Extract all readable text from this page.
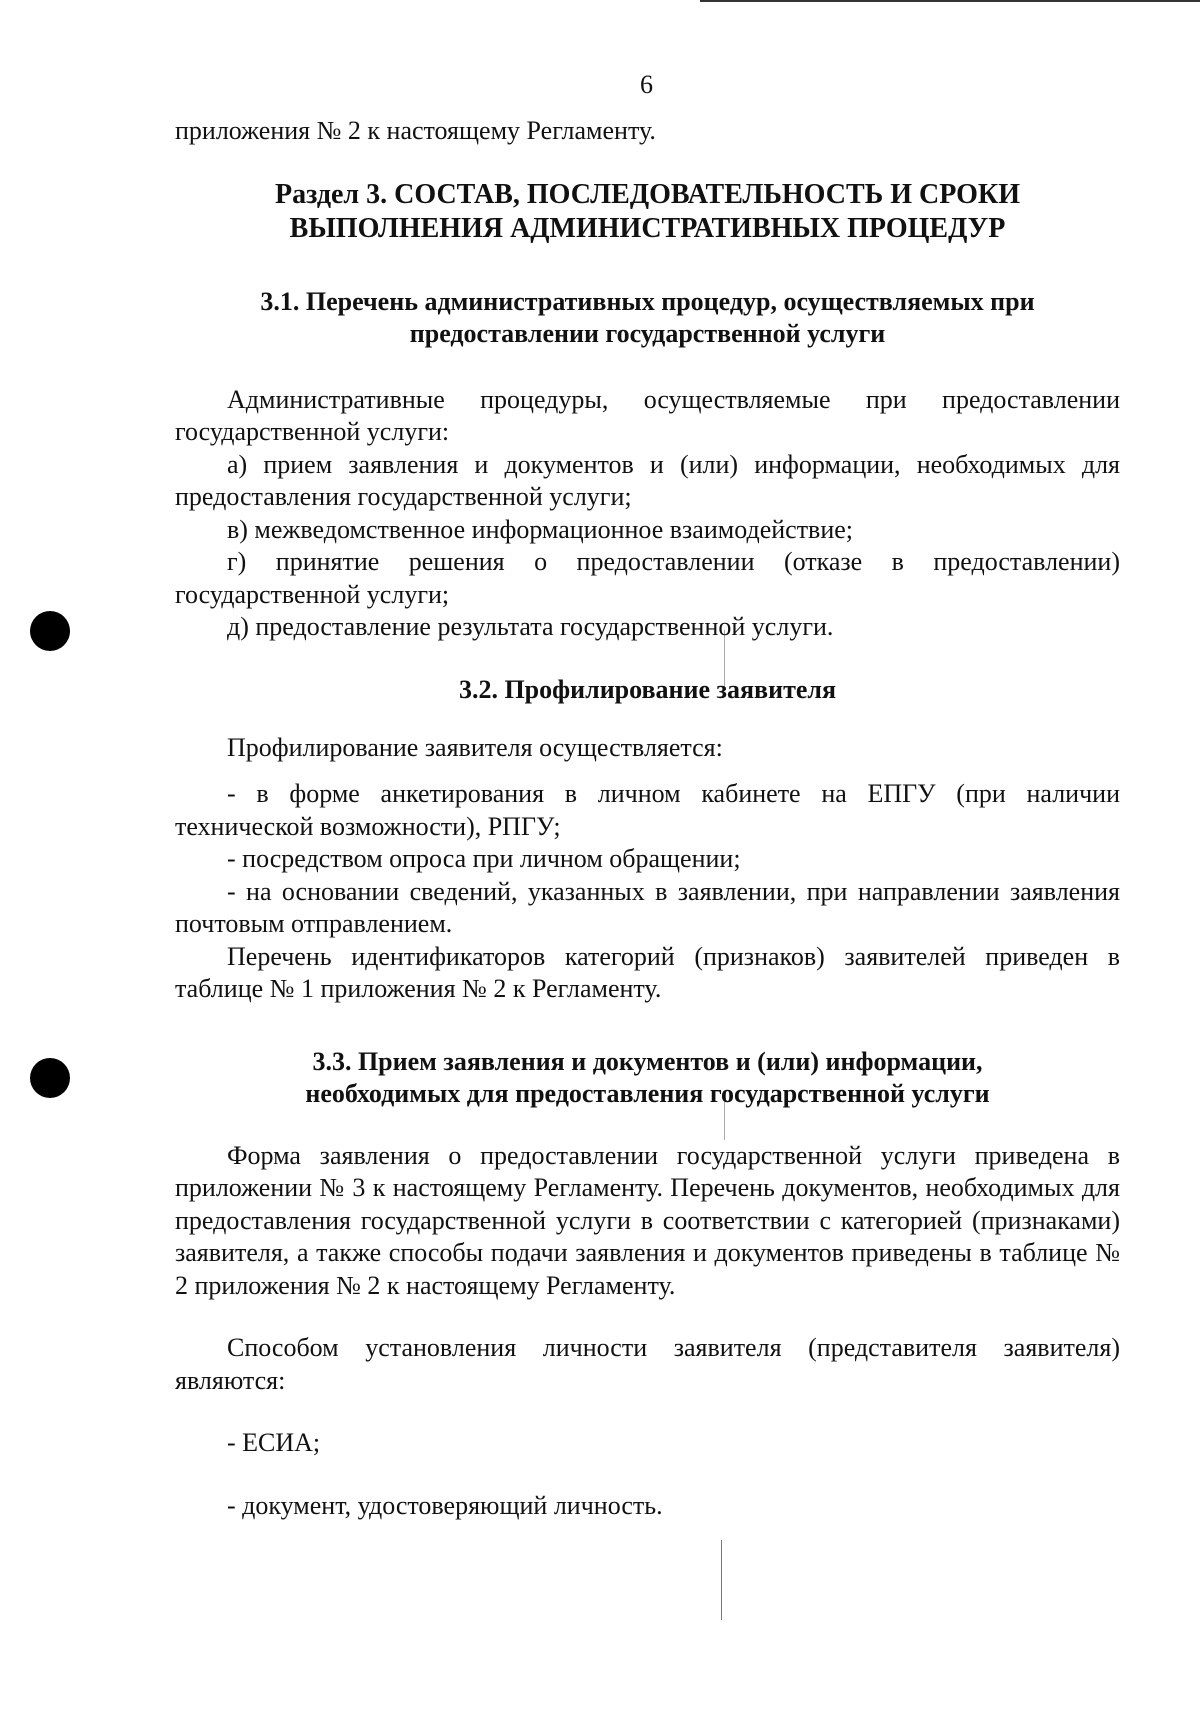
6

приложения № 2 к настоящему Регламенту.

Раздел 3. СОСТАВ, ПОСЛЕДОВАТЕЛЬНОСТЬ И СРОКИ
ВЫПОЛНЕНИЯ АДМИНИСТРАТИВНЫХ ПРОЦЕДУР
3.1. Перечень административных процедур, осуществляемых при
предоставлении государственной услуги

Административные процедуры, осуществляемые при предоставлении государственной услуги:

а) прием заявления и документов и (или) информации, необходимых для предоставления государственной услуги;

в) межведомственное информационное взаимодействие;

г) принятие решения о предоставлении (отказе в предоставлении) государственной услуги;

д) предоставление результата государственной услуги.

3.2. Профилирование заявителя

Профилирование заявителя осуществляется:

- в форме анкетирования в личном кабинете на ЕПГУ (при наличии технической возможности), РПГУ;

- посредством опроса при личном обращении;

- на основании сведений, указанных в заявлении, при направлении заявления почтовым отправлением.

Перечень идентификаторов категорий (признаков) заявителей приведен в таблице № 1 приложения № 2 к Регламенту.

3.3. Прием заявления и документов и (или) информации,
необходимых для предоставления государственной услуги

Форма заявления о предоставлении государственной услуги приведена в приложении № 3 к настоящему Регламенту. Перечень документов, необходимых для предоставления государственной услуги в соответствии с категорией (признаками) заявителя, а также способы подачи заявления и документов приведены в таблице № 2 приложения № 2 к настоящему Регламенту.

Способом установления личности заявителя (представителя заявителя) являются:

- ЕСИА;

- документ, удостоверяющий личность.
